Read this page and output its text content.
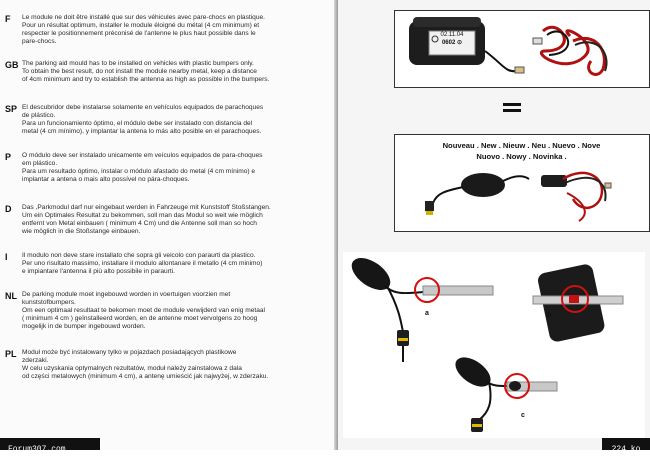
F Le module ne doit être installé que sur des véhicules avec pare-chocs en plastique.
Pour un résultat optimum, installer le module éloigné du métal (4 cm minimum) et
respecter le positionnement préconisé de l'antenne le plus haut possible dans le
pare-chocs.
GB The parking aid mould has to be installed on vehicles with plastic bumpers only.
To obtain the best result, do not install the module nearby metal, keep a distance
of 4cm minimum and try to establish the antenna as high as possible in the bumpers.
SP El descubridor debe instalarse solamente en vehículos equipados de parachoques
de plástico.
Para un funcionamiento óptimo, el módulo debe ser instalado con distancia del
metal (4 cm mínimo), y implantar la antena lo más alto posible en el parachoques.
P O módulo deve ser instalado unicamente em veículos equipados de para-choques
em plástico.
Para um resultado óptimo, instalar o módulo afastado do metal (4 cm mínimo) e
implantar a antena o mais alto possível no pára-choques.
D Das ,Parkmodul darf nur eingebaut werden in Fahrzeuge mit Kunststoff Stoßstangen.
Um ein Optimales Resultat zu bekommen, soll man das Modul so weit wie möglich
entfernt von Metal einbauen ( minimum 4 Cm) und die Antenne soll man so hoch
wie möglich in die Stoßstange einbauen.
I Il modulo non deve stare installato che sopra gli veicolo con paraurti da plastico.
Per uno risultato massimo, installare il modulo allontanare il metallo (4 cm minimo)
e impiantare l'antenna il più alto possibile in paraurti.
NL De parking module moet ingebouwd worden in voertuigen voorzien met
kunststofbumpers.
Om een optimaal resultaat te bekomen moet de module verwijderd van enig metaal
( minimum 4 cm ) geïnstalleerd worden, en de antenne moet vervolgens zo hoog
mogelijk in de bumper ingebouwd worden.
PL Moduł może być instalowany tylko w pojazdach posiadających plastikowe
zderzaki.
W celu uzyskania optymalnych rezultatów, moduł należy zainstalowa z dala
od części metalowych (minimum 4 cm), a antenę umieścić jak najwyżej, w zderzaku.
Forum307.com
02.11.04
0602 ⊙
Nouveau . New . Nieuw . Neu . Nuevo . Nove
Nuovo . Nowy . Novinka .
a	b
c
224 ko
